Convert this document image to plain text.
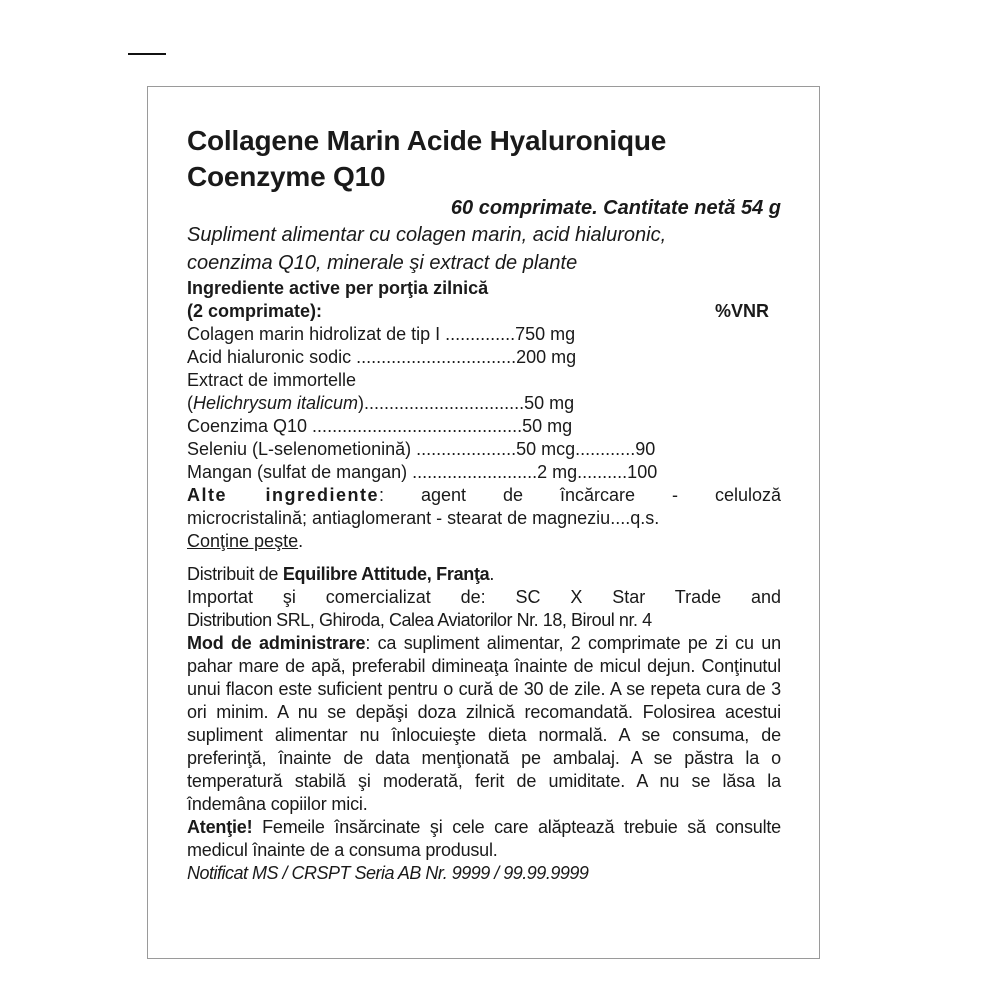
Collagene Marin Acide Hyaluronique
Coenzyme Q10

60 comprimate. Cantitate netă 54 g

Supliment alimentar cu colagen marin, acid hialuronic,
coenzima Q10, minerale şi extract de plante

Ingrediente active per porţia zilnică
(2 comprimate):	%VNR
Colagen marin hidrolizat de tip I ..............750 mg
Acid hialuronic sodic ................................200 mg
Extract de immortelle
(Helichrysum italicum)................................50 mg
Coenzima Q10 ..........................................50 mg
Seleniu (L-selenometionină) ....................50 mcg............90
Mangan (sulfat de mangan) .........................2 mg..........100

Alte ingrediente: agent de încărcare - celuloză

microcristalină; antiaglomerant - stearat de magneziu....q.s.
Conţine peşte.
Distribuit de Equilibre Attitude, Franţa.

Importat şi comercializat de: SC X Star Trade and

Distribution SRL, Ghiroda, Calea Aviatorilor Nr. 18, Biroul nr. 4

Mod de administrare: ca supliment alimentar, 2 comprimate pe zi cu un pahar mare de apă, preferabil dimineaţa înainte de micul dejun. Conţinutul unui flacon este suficient pentru o cură de 30 de zile. A se repeta cura de 3 ori minim. A nu se depăşi doza zilnică recomandată. Folosirea acestui supliment alimentar nu înlocuieşte dieta normală. A se consuma, de preferinţă, înainte de data menţionată pe ambalaj. A se păstra la o temperatură stabilă şi moderată, ferit de umiditate. A nu se lăsa la îndemâna copiilor mici.

Atenţie! Femeile însărcinate şi cele care alăptează trebuie să consulte medicul înainte de a consuma produsul.

Notificat MS / CRSPT Seria AB Nr. 9999 / 99.99.9999
